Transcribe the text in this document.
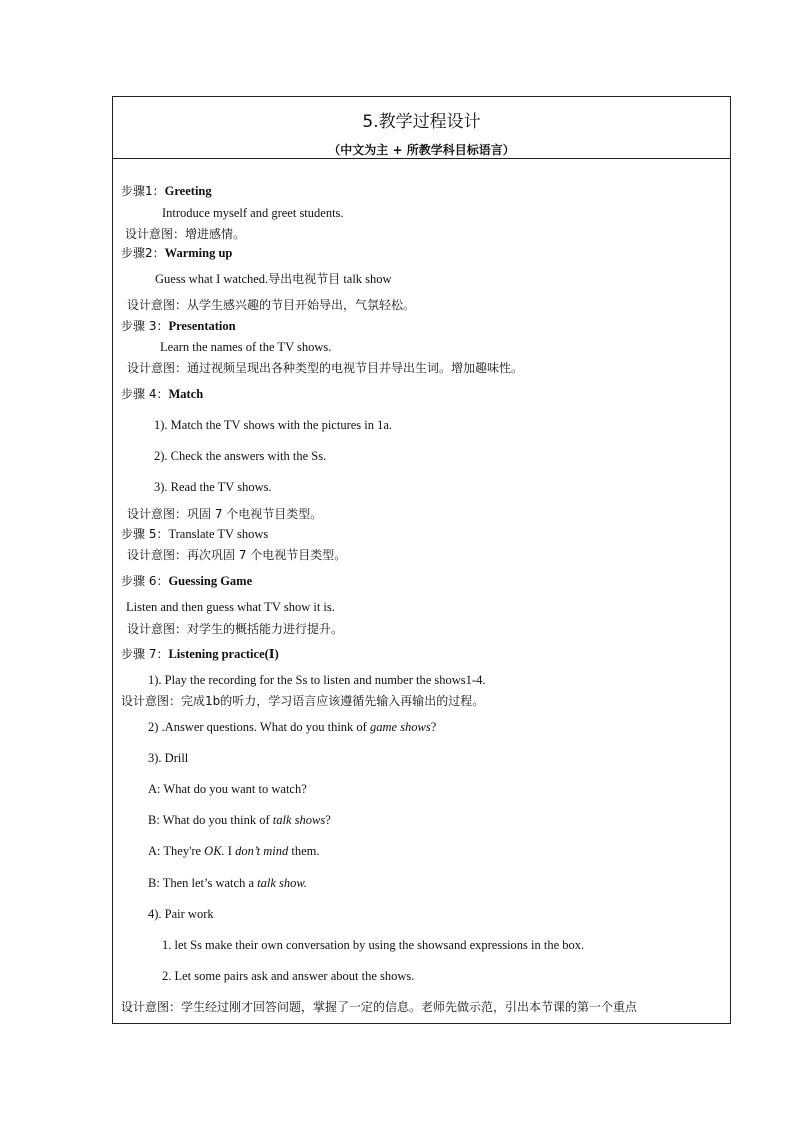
5.教学过程设计
（中文为主 + 所教学科目标语言）
步骤1：Greeting
Introduce myself and greet students.
设计意图：增进感情。
步骤2：Warming up
Guess what I watched.导出电视节目 talk show
设计意图：从学生感兴趣的节目开始导出，气氛轻松。
步骤 3：Presentation
Learn the names of the TV shows.
设计意图：通过视频呈现出各种类型的电视节目并导出生词。增加趣味性。
步骤 4：Match
1). Match the TV shows with the pictures in 1a.
2). Check the answers with the Ss.
3). Read the TV shows.
设计意图：巩固 7 个电视节目类型。
步骤 5：Translate TV shows
设计意图：再次巩固 7 个电视节目类型。
步骤 6：Guessing Game
Listen and then guess what TV show it is.
设计意图：对学生的概括能力进行提升。
步骤 7：Listening practice(Ⅰ)
1). Play the recording for the Ss to listen and number the shows1-4.
设计意图：完成1b的听力，学习语言应该遵循先输入再输出的过程。
2) .Answer questions. What do you think of game shows?
3). Drill
A: What do you want to watch?
B: What do you think of talk shows?
A: They're OK. I don’t mind them.
B: Then let’s watch a talk show.
4). Pair work
1. let Ss make their own conversation by using the showsand expressions in the box.
2. Let some pairs ask and answer about the shows.
设计意图：学生经过刚才回答问题，掌握了一定的信息。老师先做示范，引出本节课的第一个重点
